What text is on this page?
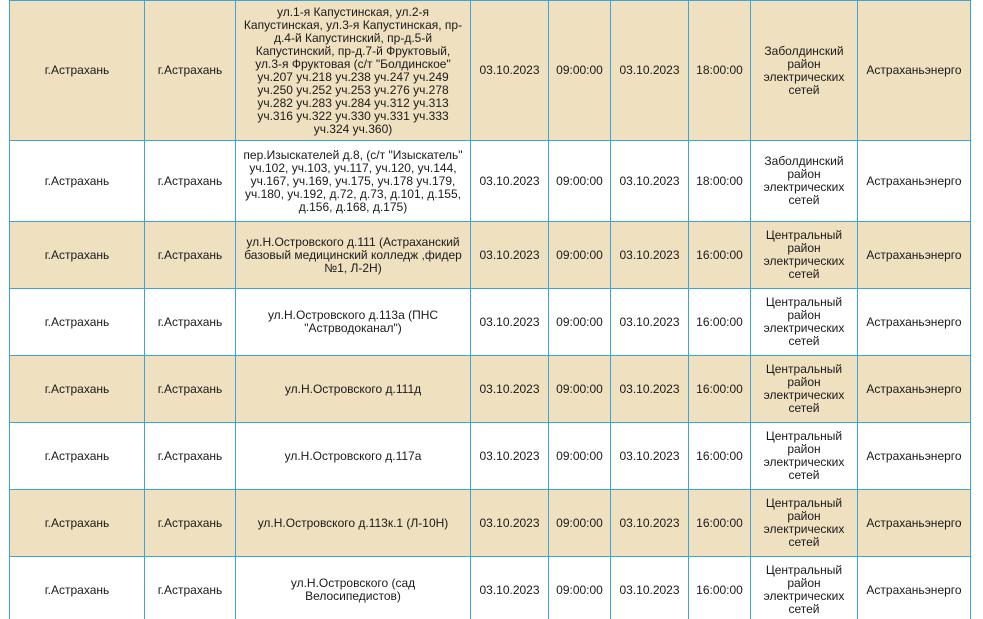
г.Астрахань	г.Астрахань	ул.1-я Капустинская, ул.2-я Капустинская, ул.3-я Капустинская, пр-д.4-й Капустинский, пр-д.5-й Капустинский, пр-д.7-й Фруктовый, ул.3-я Фруктовая (с/т "Болдинское" уч.207 уч.218 уч.238 уч.247 уч.249 уч.250 уч.252 уч.253 уч.276 уч.278 уч.282 уч.283 уч.284 уч.312 уч.313 уч.316 уч.322 уч.330 уч.331 уч.333 уч.324 уч.360)	03.10.2023	09:00:00	03.10.2023	18:00:00	Заболдинский район электрических сетей	Астраханьэнерго
г.Астрахань	г.Астрахань	пер.Изыскателей д.8, (с/т "Изыскатель" уч.102, уч.103, уч.117, уч.120, уч.144, уч.167, уч.169, уч.175, уч.178 уч.179, уч.180, уч.192, д.72, д.73, д.101, д.155, д.156, д.168, д.175)	03.10.2023	09:00:00	03.10.2023	18:00:00	Заболдинский район электрических сетей	Астраханьэнерго
г.Астрахань	г.Астрахань	ул.Н.Островского д.111 (Астраханский базовый медицинский колледж ,фидер №1, Л-2Н)	03.10.2023	09:00:00	03.10.2023	16:00:00	Центральный район электрических сетей	Астраханьэнерго
г.Астрахань	г.Астрахань	ул.Н.Островского д.113а (ПНС "Астрводоканал")	03.10.2023	09:00:00	03.10.2023	16:00:00	Центральный район электрических сетей	Астраханьэнерго
г.Астрахань	г.Астрахань	ул.Н.Островского д.111д	03.10.2023	09:00:00	03.10.2023	16:00:00	Центральный район электрических сетей	Астраханьэнерго
г.Астрахань	г.Астрахань	ул.Н.Островского д.117а	03.10.2023	09:00:00	03.10.2023	16:00:00	Центральный район электрических сетей	Астраханьэнерго
г.Астрахань	г.Астрахань	ул.Н.Островского д.113к.1 (Л-10Н)	03.10.2023	09:00:00	03.10.2023	16:00:00	Центральный район электрических сетей	Астраханьэнерго
г.Астрахань	г.Астрахань	ул.Н.Островского (сад Велосипедистов)	03.10.2023	09:00:00	03.10.2023	16:00:00	Центральный район электрических сетей	Астраханьэнерго
